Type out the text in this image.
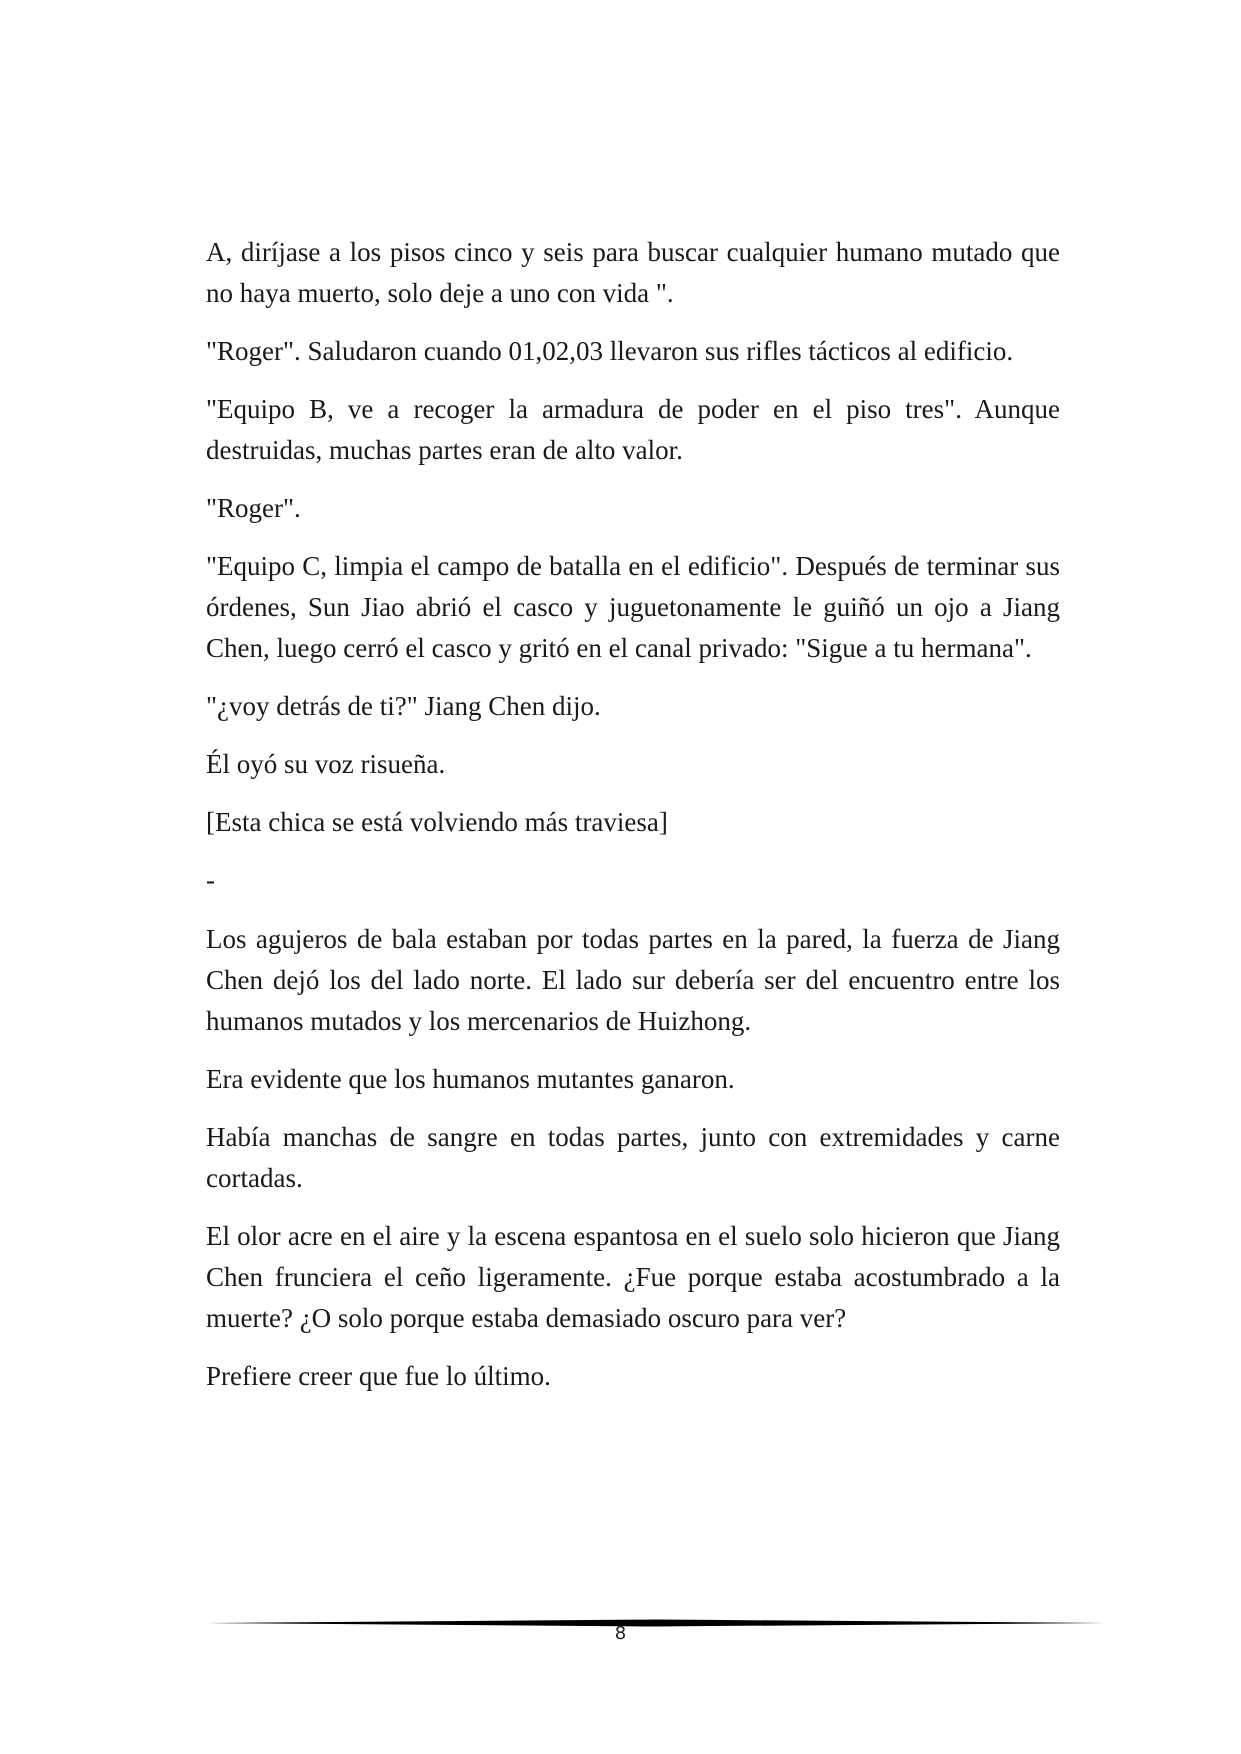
A, diríjase a los pisos cinco y seis para buscar cualquier humano mutado que no haya muerto, solo deje a uno con vida ".

"Roger". Saludaron cuando 01,02,03 llevaron sus rifles tácticos al edificio.

"Equipo B, ve a recoger la armadura de poder en el piso tres". Aunque destruidas, muchas partes eran de alto valor.

"Roger".

"Equipo C, limpia el campo de batalla en el edificio". Después de terminar sus órdenes, Sun Jiao abrió el casco y juguetonamente le guiñó un ojo a Jiang Chen, luego cerró el casco y gritó en el canal privado: "Sigue a tu hermana".

"¿voy detrás de ti?" Jiang Chen dijo.

Él oyó su voz risueña.

[Esta chica se está volviendo más traviesa]

-

Los agujeros de bala estaban por todas partes en la pared, la fuerza de Jiang Chen dejó los del lado norte. El lado sur debería ser del encuentro entre los humanos mutados y los mercenarios de Huizhong.

Era evidente que los humanos mutantes ganaron.

Había manchas de sangre en todas partes, junto con extremidades y carne cortadas.

El olor acre en el aire y la escena espantosa en el suelo solo hicieron que Jiang Chen frunciera el ceño ligeramente. ¿Fue porque estaba acostumbrado a la muerte? ¿O solo porque estaba demasiado oscuro para ver?

Prefiere creer que fue lo último.

8
